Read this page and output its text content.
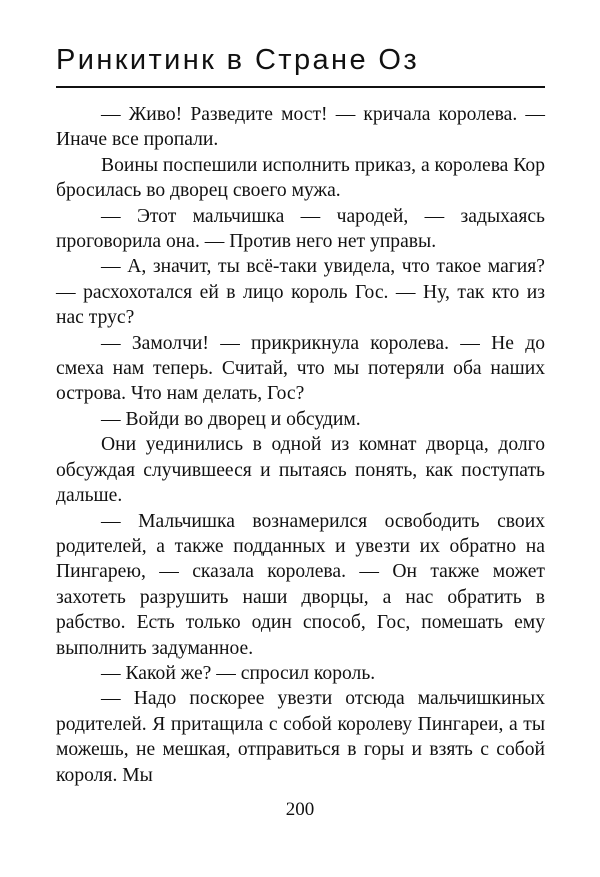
Ринкитинк в Стране Оз

— Живо! Разведите мост! — кричала королева. — Иначе все пропали.

Воины поспешили исполнить приказ, а королева Кор бросилась во дворец своего мужа.

— Этот мальчишка — чародей, — задыхаясь проговорила она. — Против него нет управы.

— А, значит, ты всё-таки увидела, что такое магия? — расхохотался ей в лицо король Гос. — Ну, так кто из нас трус?

— Замолчи! — прикрикнула королева. — Не до смеха нам теперь. Считай, что мы потеряли оба наших острова. Что нам делать, Гос?

— Войди во дворец и обсудим.

Они уединились в одной из комнат дворца, долго обсуждая случившееся и пытаясь понять, как поступать дальше.

— Мальчишка вознамерился освободить своих родителей, а также подданных и увезти их обратно на Пингарею, — сказала королева. — Он также может захотеть разрушить наши дворцы, а нас обратить в рабство. Есть только один способ, Гос, помешать ему выполнить задуманное.

— Какой же? — спросил король.

— Надо поскорее увезти отсюда мальчишкиных родителей. Я притащила с собой королеву Пингареи, а ты можешь, не мешкая, отправиться в горы и взять с собой короля. Мы

200
